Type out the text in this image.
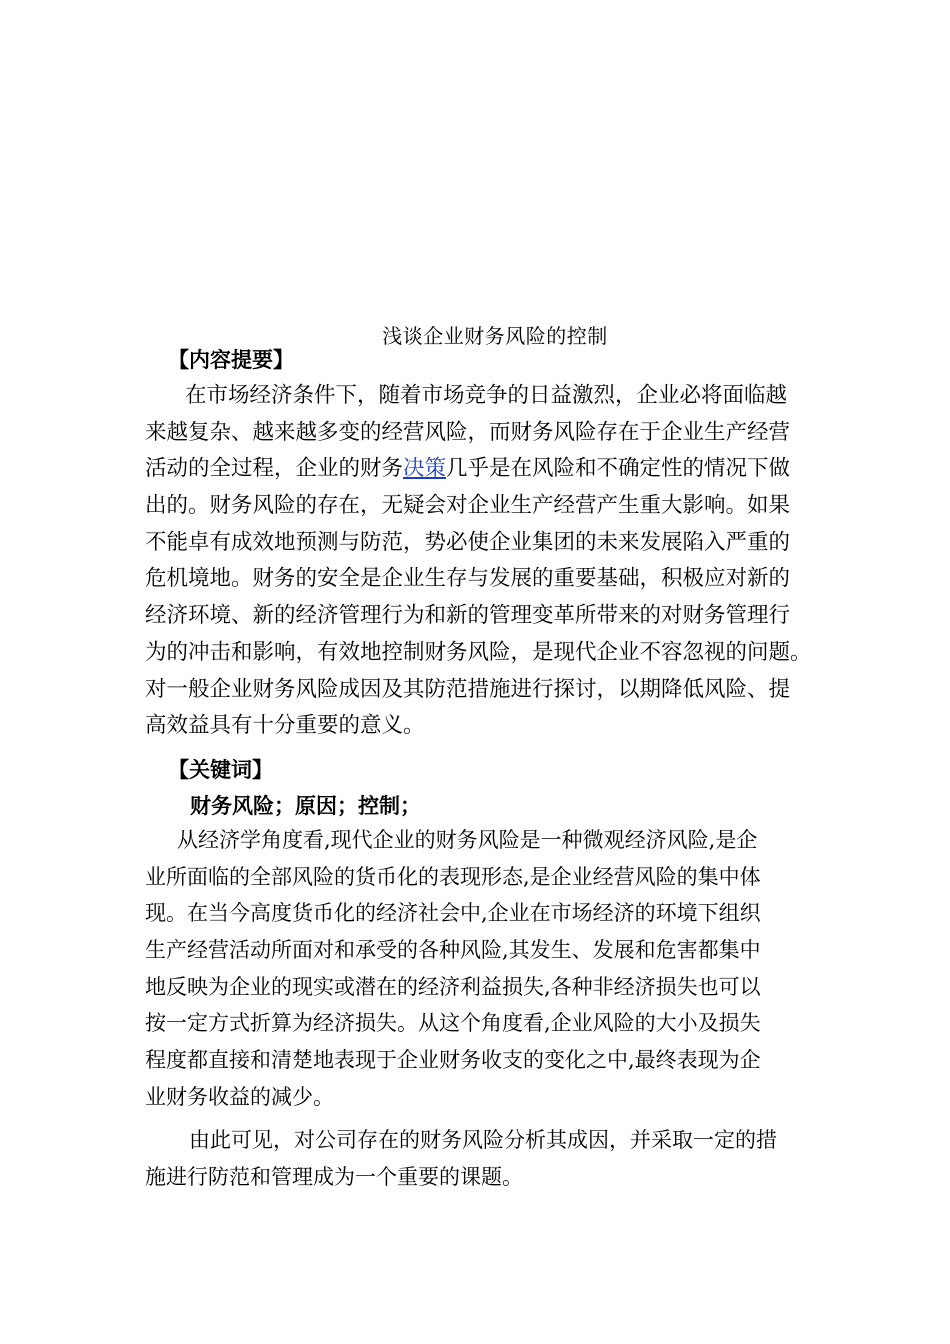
浅谈企业财务风险的控制
【内容提要】
在市场经济条件下，随着市场竞争的日益激烈，企业必将面临越
来越复杂、越来越多变的经营风险，而财务风险存在于企业生产经营
活动的全过程，企业的财务决策几乎是在风险和不确定性的情况下做
出的。财务风险的存在，无疑会对企业生产经营产生重大影响。如果
不能卓有成效地预测与防范，势必使企业集团的未来发展陷入严重的
危机境地。财务的安全是企业生存与发展的重要基础，积极应对新的
经济环境、新的经济管理行为和新的管理变革所带来的对财务管理行
为的冲击和影响，有效地控制财务风险，是现代企业不容忽视的问题。
对一般企业财务风险成因及其防范措施进行探讨，以期降低风险、提
高效益具有十分重要的意义。
【关键词】
财务风险；原因；控制；
从经济学角度看,现代企业的财务风险是一种微观经济风险,是企
业所面临的全部风险的货币化的表现形态,是企业经营风险的集中体
现。在当今高度货币化的经济社会中,企业在市场经济的环境下组织
生产经营活动所面对和承受的各种风险,其发生、发展和危害都集中
地反映为企业的现实或潜在的经济利益损失,各种非经济损失也可以
按一定方式折算为经济损失。从这个角度看,企业风险的大小及损失
程度都直接和清楚地表现于企业财务收支的变化之中,最终表现为企
业财务收益的减少。
由此可见，对公司存在的财务风险分析其成因，并采取一定的措
施进行防范和管理成为一个重要的课题。
